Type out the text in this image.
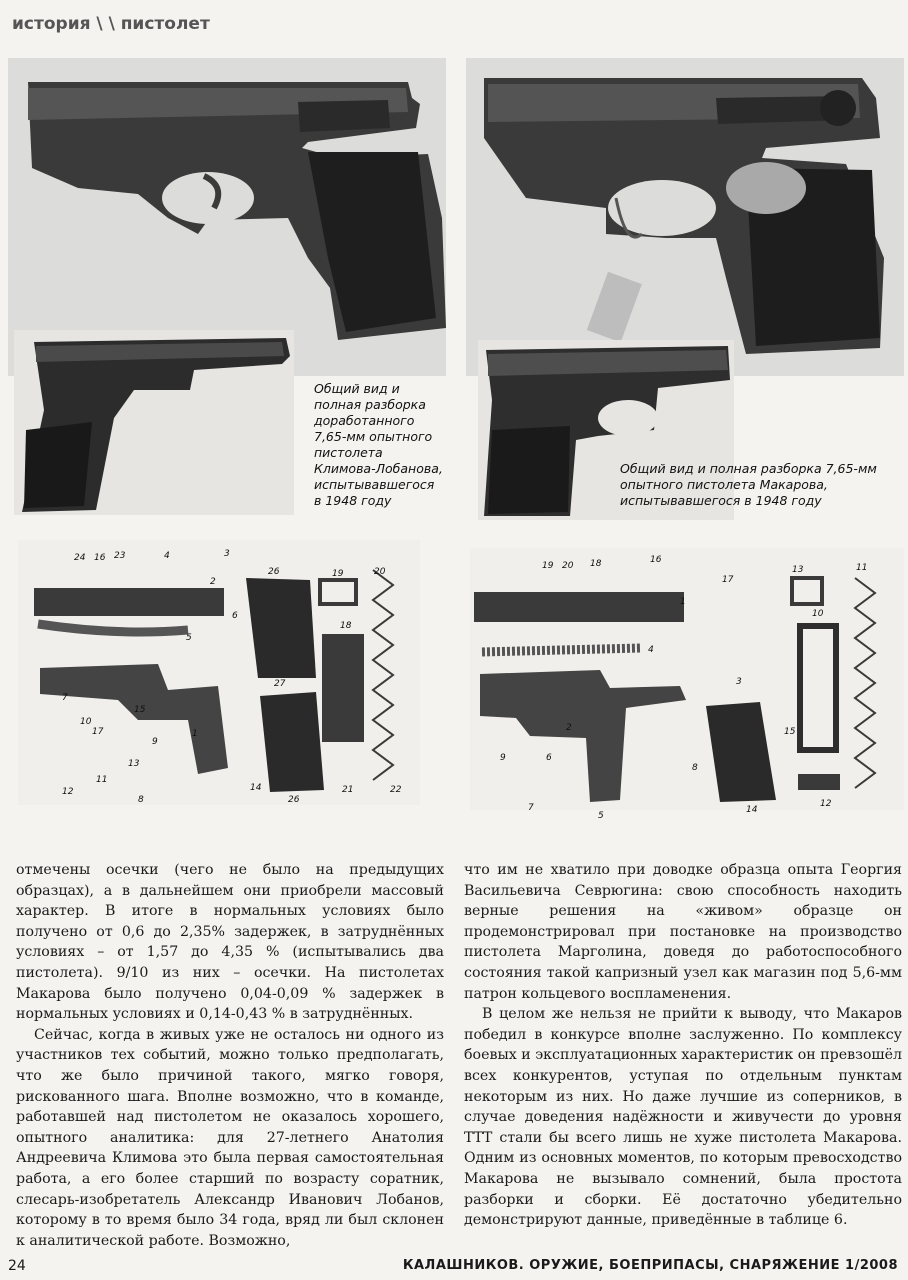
история \ \ пистолет
Общий вид и полная разборка доработанного 7,65-мм опытного пистолета Климова-Лобанова, испытывавшегося в 1948 году
Общий вид и полная разборка 7,65-мм опытного пистолета Макарова, испытывавшегося в 1948 году
24 16 23	4	3
2
26	19	20
6
5
18
7
15
27
10
17
9
1
14
26
12	21	22
13
11
8
19 20 18	16
17
13	11
1
10
4
3
2	15
6
7
5
8
9
14
12

отмечены осечки (чего не было на предыдущих образцах), а в дальнейшем они приобрели массовый характер. В итоге в нормальных условиях было получено от 0,6 до 2,35% задержек, в затруднённых условиях – от 1,57 до 4,35 % (испытывались два пистолета). 9/10 из них – осечки. На пистолетах Макарова было получено 0,04-0,09 % задержек в нормальных условиях и 0,14-0,43 % в затруднённых.

Сейчас, когда в живых уже не осталось ни одного из участников тех событий, можно только предполагать, что же было причиной такого, мягко говоря, рискованного шага. Вполне возможно, что в команде, работавшей над пистолетом не оказалось хорошего, опытного аналитика: для 27-летнего Анатолия Андреевича Климова это была первая самостоятельная работа, а его более старший по возрасту соратник, слесарь-изобретатель Александр Иванович Лобанов, которому в то время было 34 года, вряд ли был склонен к аналитической работе. Возможно,

что им не хватило при доводке образца опыта Георгия Васильевича Севрюгина: свою способность находить верные решения на «живом» образце он продемонстрировал при постановке на производство пистолета Марголина, доведя до работоспособного состояния такой капризный узел как магазин под 5,6-мм патрон кольцевого воспламенения.

В целом же нельзя не прийти к выводу, что Макаров победил в конкурсе вполне заслуженно. По комплексу боевых и эксплуатационных характеристик он превзошёл всех конкурентов, уступая по отдельным пунктам некоторым из них. Но даже лучшие из соперников, в случае доведения надёжности и живучести до уровня ТТТ стали бы всего лишь не хуже пистолета Макарова. Одним из основных моментов, по которым превосходство Макарова не вызывало сомнений, была простота разборки и сборки. Её достаточно убедительно демонстрируют данные, приведённые в таблице 6.

24	КАЛАШНИКОВ. ОРУЖИЕ, БОЕПРИПАСЫ, СНАРЯЖЕНИЕ 1/2008
